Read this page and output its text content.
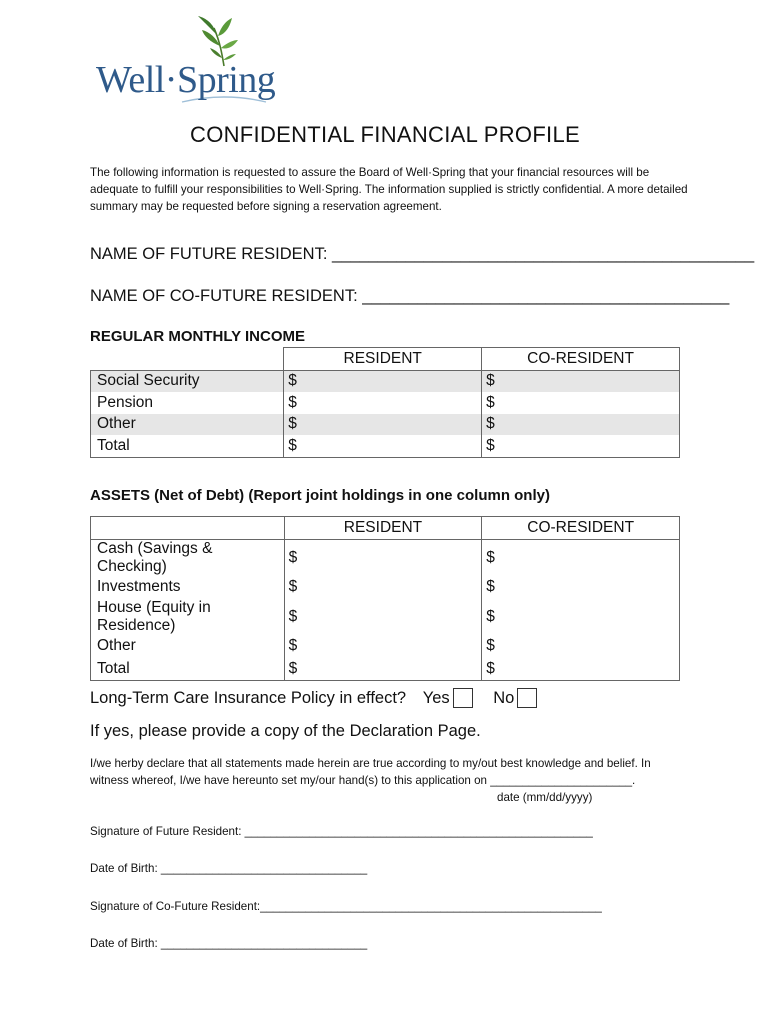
Well·Spring
CONFIDENTIAL FINANCIAL PROFILE
The following information is requested to assure the Board of Well·Spring that your financial resources will be adequate to fulfill your responsibilities to Well·Spring. The information supplied is strictly confidential. A more detailed summary may be requested before signing a reservation agreement.
NAME OF FUTURE RESIDENT: ______________________________________________
NAME OF CO-FUTURE RESIDENT: ________________________________________
REGULAR MONTHLY INCOME
	RESIDENT	CO-RESIDENT
Social Security	$	$
Pension	$	$
Other	$	$
Total	$	$
ASSETS (Net of Debt) (Report joint holdings in one column only)
	RESIDENT	CO-RESIDENT
Cash (Savings & Checking)	$	$
Investments	$	$
House (Equity in Residence)	$	$
Other	$	$
Total	$	$
Long-Term Care Insurance Policy in effect? Yes	No
If yes, please provide a copy of the Declaration Page.
I/we herby declare that all statements made herein are true according to my/out best knowledge and belief. In witness whereof, I/we have hereunto set my/our hand(s) to this application on ______________________.
date (mm/dd/yyyy)
Signature of Future Resident: ______________________________________________________
Date of Birth: ________________________________
Signature of Co-Future Resident:_____________________________________________________
Date of Birth: ________________________________
